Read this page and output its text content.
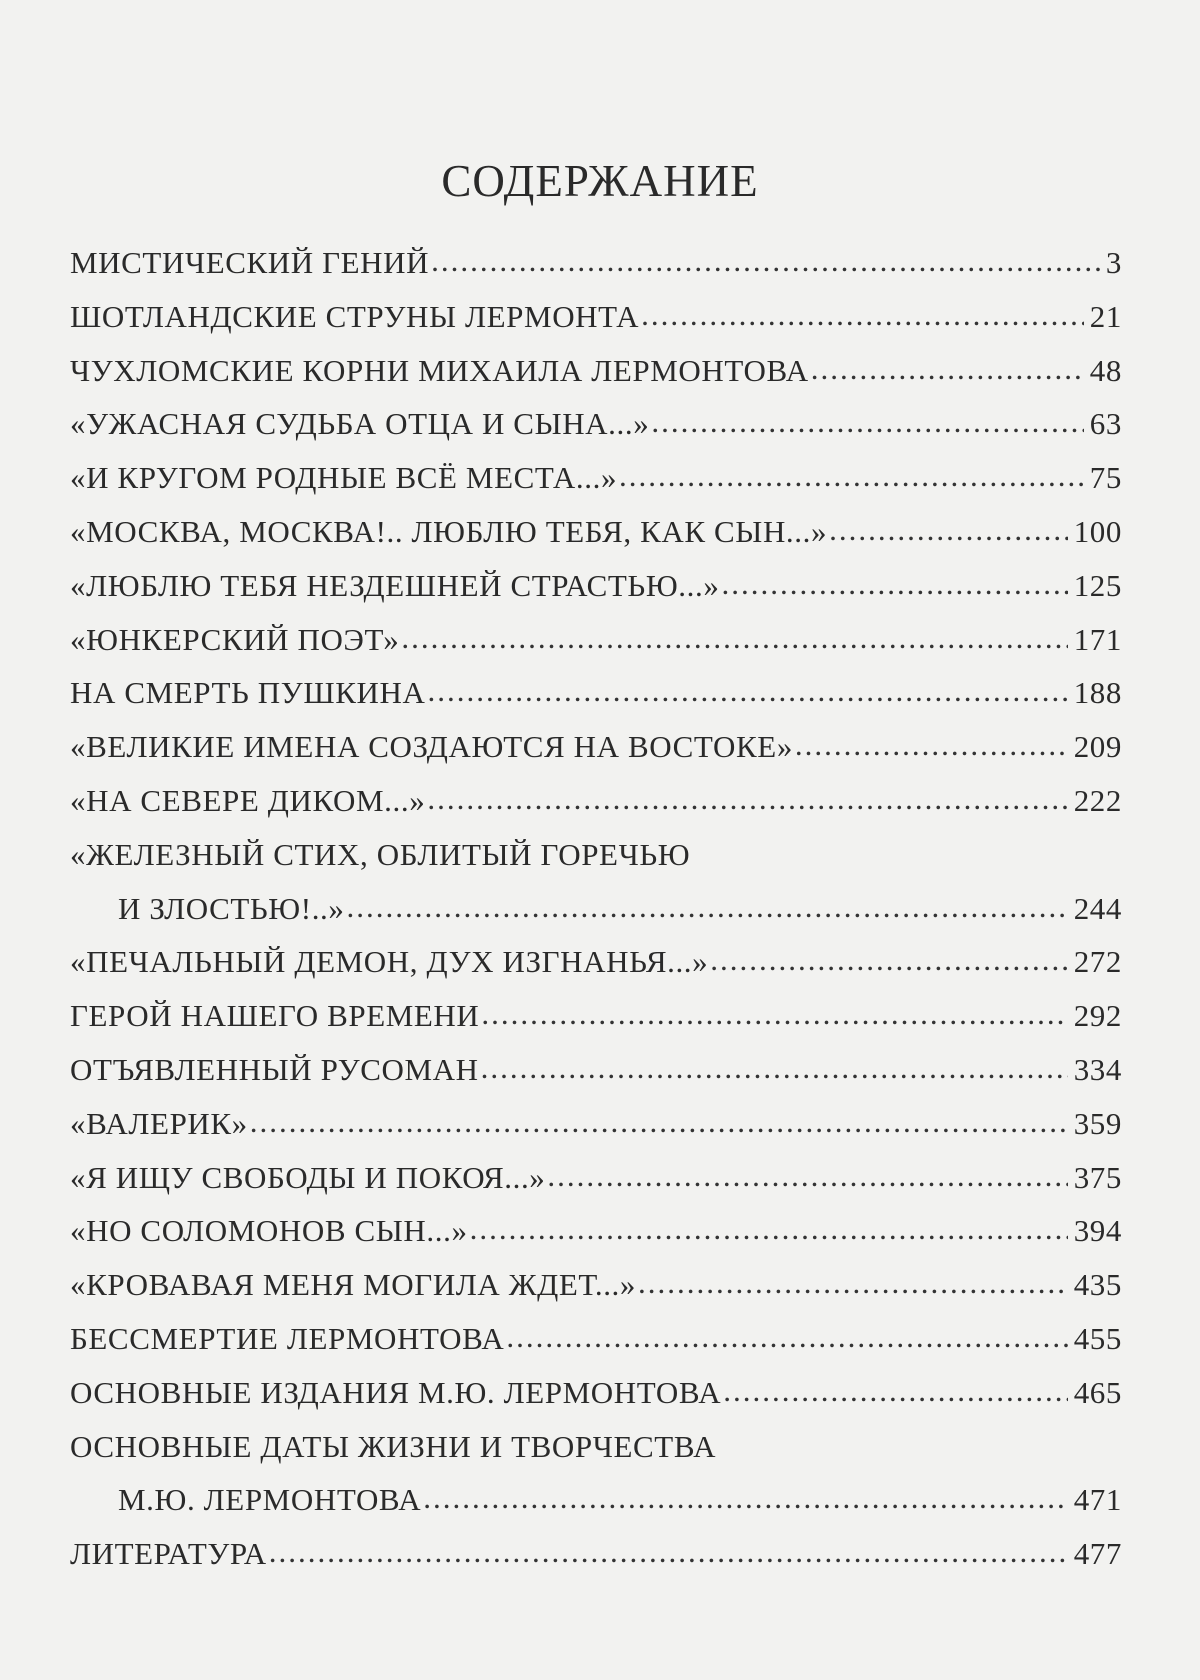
СОДЕРЖАНИЕ
МИСТИЧЕСКИЙ ГЕНИЙ .....	3
ШОТЛАНДСКИЕ СТРУНЫ ЛЕРМОНТА .....	21
ЧУХЛОМСКИЕ КОРНИ МИХАИЛА ЛЕРМОНТОВА .....	48
«УЖАСНАЯ СУДЬБА ОТЦА И СЫНА...» .....	63
«И КРУГОМ РОДНЫЕ ВСЁ МЕСТА...» .....	75
«МОСКВА, МОСКВА!.. ЛЮБЛЮ ТЕБЯ, КАК СЫН...» .....	100
«ЛЮБЛЮ ТЕБЯ НЕЗДЕШНЕЙ СТРАСТЬЮ...» .....	125
«ЮНКЕРСКИЙ ПОЭТ» .....	171
НА СМЕРТЬ ПУШКИНА .....	188
«ВЕЛИКИЕ ИМЕНА СОЗДАЮТСЯ НА ВОСТОКЕ» .....	209
«НА СЕВЕРЕ ДИКОМ...» .....	222
«ЖЕЛЕЗНЫЙ СТИХ, ОБЛИТЫЙ ГОРЕЧЬЮ
И ЗЛОСТЬЮ!..» .....	244
«ПЕЧАЛЬНЫЙ ДЕМОН, ДУХ ИЗГНАНЬЯ...» .....	272
ГЕРОЙ НАШЕГО ВРЕМЕНИ .....	292
ОТЪЯВЛЕННЫЙ РУСОМАН .....	334
«ВАЛЕРИК» .....	359
«Я ИЩУ СВОБОДЫ И ПОКОЯ...» .....	375
«НО СОЛОМОНОВ СЫН...» .....	394
«КРОВАВАЯ МЕНЯ МОГИЛА ЖДЕТ...» .....	435
БЕССМЕРТИЕ ЛЕРМОНТОВА .....	455
ОСНОВНЫЕ ИЗДАНИЯ М.Ю. ЛЕРМОНТОВА .....	465
ОСНОВНЫЕ ДАТЫ ЖИЗНИ И ТВОРЧЕСТВА
М.Ю. ЛЕРМОНТОВА .....	471
ЛИТЕРАТУРА .....	477
